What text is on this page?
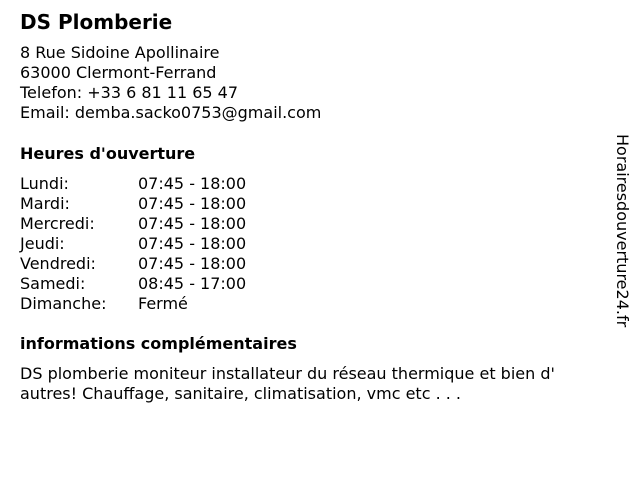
DS Plomberie
8 Rue Sidoine Apollinaire
63000 Clermont-Ferrand
Telefon: +33 6 81 11 65 47
Email: demba.sacko0753@gmail.com
Heures d'ouverture
Lundi:	07:45 - 18:00
Mardi:	07:45 - 18:00
Mercredi:	07:45 - 18:00
Jeudi:	07:45 - 18:00
Vendredi:	07:45 - 18:00
Samedi:	08:45 - 17:00
Dimanche:	Fermé
informations complémentaires

DS plomberie moniteur installateur du réseau thermique et bien d' autres! Chauffage, sanitaire, climatisation, vmc etc . . .

Horairesdouverture24.fr
